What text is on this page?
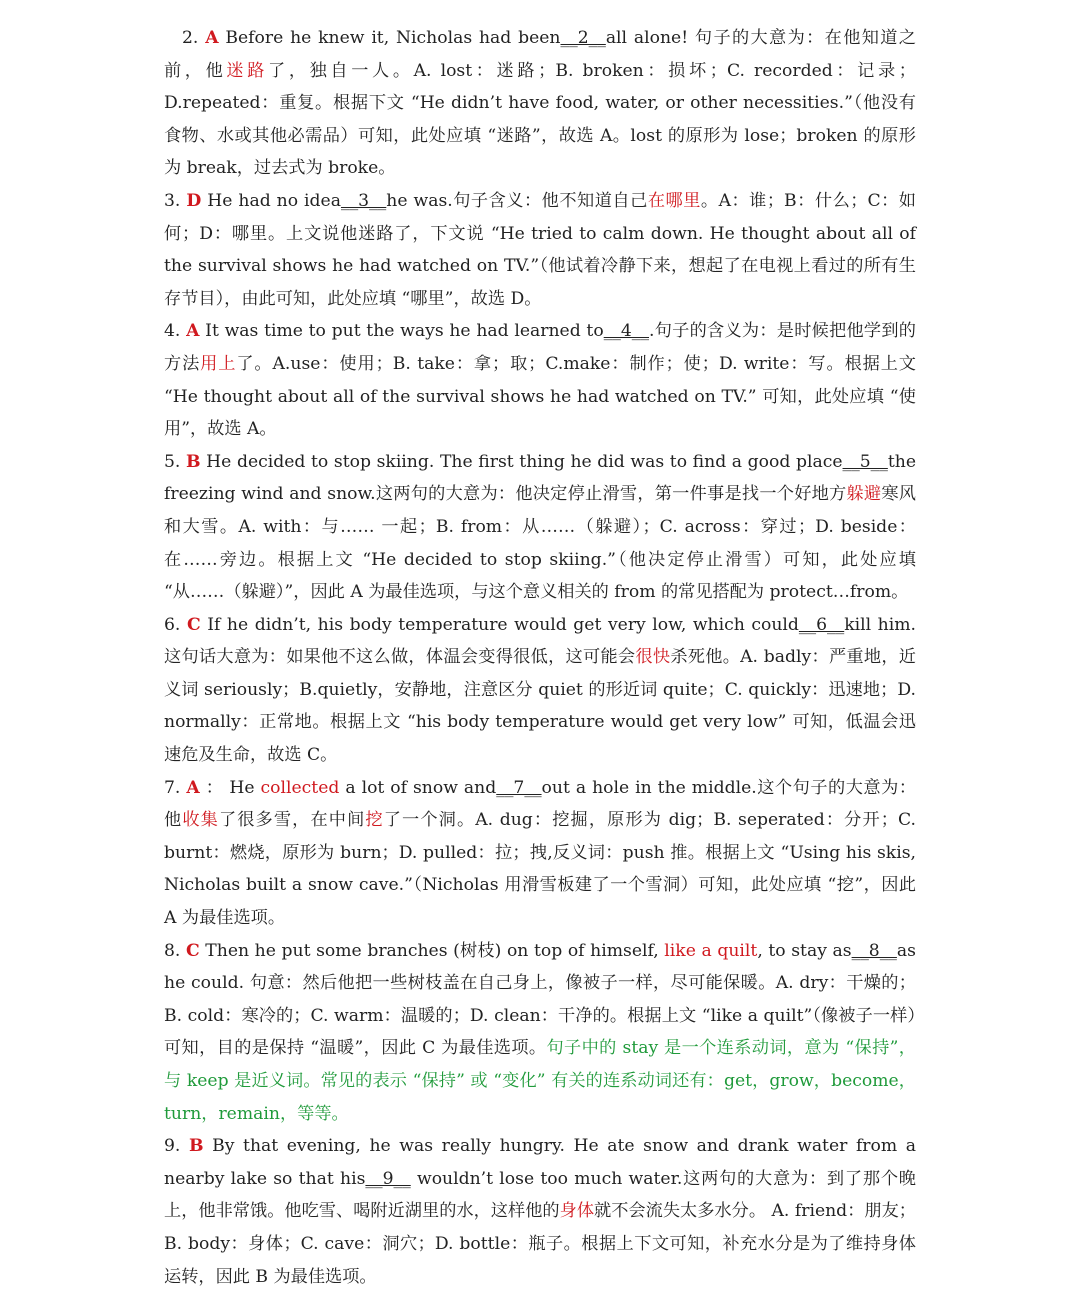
2. A Before he knew it, Nicholas had been__2__all alone! 句子的大意为：在他知道之前，他迷路了，独自一人。A. lost：迷路；B. broken：损坏；C. recorded：记录；D.repeated：重复。根据下文 “He didn’t have food, water, or other necessities.”（他没有食物、水或其他必需品）可知，此处应填 “迷路”，故选 A。lost 的原形为 lose；broken 的原形为 break，过去式为 broke。

3. D He had no idea__3__he was.句子含义：他不知道自己在哪里。A：谁；B：什么；C：如何；D：哪里。上文说他迷路了，下文说 “He tried to calm down. He thought about all of the survival shows he had watched on TV.”（他试着冷静下来，想起了在电视上看过的所有生存节目），由此可知，此处应填 “哪里”，故选 D。

4. A It was time to put the ways he had learned to__4__.句子的含义为：是时候把他学到的方法用上了。A.use：使用；B. take：拿；取；C.make：制作；使；D. write：写。根据上文 “He thought about all of the survival shows he had watched on TV.” 可知，此处应填 “使用”，故选 A。

5. B He decided to stop skiing. The first thing he did was to find a good place__5__the freezing wind and snow.这两句的大意为：他决定停止滑雪，第一件事是找一个好地方躲避寒风和大雪。A. with：与…… 一起；B. from：从……（躲避）；C. across：穿过；D. beside：在……旁边。根据上文 “He decided to stop skiing.”（他决定停止滑雪）可知，此处应填 “从……（躲避）”，因此 A 为最佳选项，与这个意义相关的 from 的常见搭配为 protect…from。

6. C If he didn’t, his body temperature would get very low, which could__6__kill him.这句话大意为：如果他不这么做，体温会变得很低，这可能会很快杀死他。A. badly：严重地，近义词 seriously；B.quietly，安静地，注意区分 quiet 的形近词 quite；C. quickly：迅速地；D. normally：正常地。根据上文 “his body temperature would get very low” 可知，低温会迅速危及生命，故选 C。

7. A ： He collected a lot of snow and__7__out a hole in the middle.这个句子的大意为：他收集了很多雪，在中间挖了一个洞。A. dug：挖掘，原形为 dig；B. seperated：分开；C. burnt：燃烧，原形为 burn；D. pulled：拉；拽,反义词：push 推。根据上文 “Using his skis, Nicholas built a snow cave.”（Nicholas 用滑雪板建了一个雪洞）可知，此处应填 “挖”，因此 A 为最佳选项。

8. C Then he put some branches (树枝) on top of himself, like a quilt, to stay as__8__as he could. 句意：然后他把一些树枝盖在自己身上，像被子一样，尽可能保暖。A. dry：干燥的；B. cold：寒冷的；C. warm：温暖的；D. clean：干净的。根据上文 “like a quilt”（像被子一样）可知，目的是保持 “温暖”，因此 C 为最佳选项。句子中的 stay 是一个连系动词，意为 “保持”，与 keep 是近义词。常见的表示 “保持” 或 “变化” 有关的连系动词还有：get，grow，become，turn，remain，等等。

9. B By that evening, he was really hungry. He ate snow and drank water from a nearby lake so that his__9__ wouldn’t lose too much water.这两句的大意为：到了那个晚上，他非常饿。他吃雪、喝附近湖里的水，这样他的身体就不会流失太多水分。 A. friend：朋友；B. body：身体；C. cave：洞穴；D. bottle：瓶子。根据上下文可知，补充水分是为了维持身体运转，因此 B 为最佳选项。
